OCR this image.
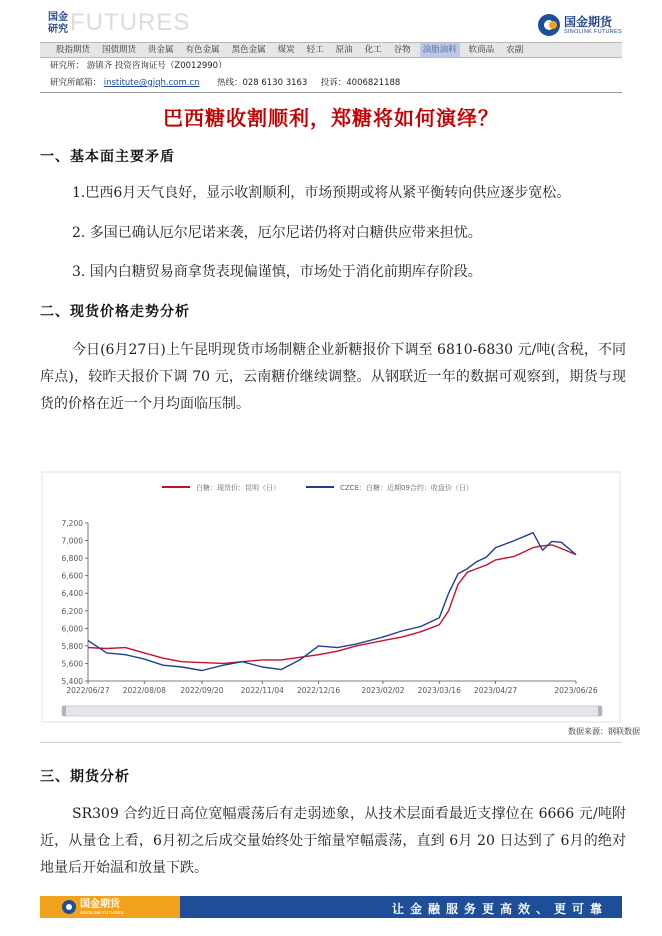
国金
研究 FUTURES	国金期货
SINOLINK FUTURES
股指期货 国债期货 贵金属 有色金属 黑色金属 煤炭 轻工 原油 化工 谷物	油脂油料	软商品 农副
研究所： 游镇齐 投资咨询证号（Z0012990）
研究所邮箱： institute@gjqh.com.cn 热线：028 6130 3163 投诉：4006821188
巴西糖收割顺利，郑糖将如何演绎？
一、基本面主要矛盾
1.巴西6月天气良好，显示收割顺利，市场预期或将从紧平衡转向供应逐步宽松。
2. 多国已确认厄尔尼诺来袭，厄尔尼诺仍将对白糖供应带来担忧。
3. 国内白糖贸易商拿货表现偏谨慎，市场处于消化前期库存阶段。
二、现货价格走势分析
今日(6月27日)上午昆明现货市场制糖企业新糖报价下调至 6810-6830 元/吨(含税，不同库点)，较昨天报价下调 70 元，云南糖价继续调整。从钢联近一年的数据可观察到，期货与现货的价格在近一个月均面临压制。
5,400
5,600
5,800
6,000
6,200
6,400
6,600
6,800
7,000
7,200
2022/06/27 2022/08/08 2022/09/20 2022/11/04 2022/12/16	2023/02/02 2023/03/16 2023/04/27	2023/06/26
白糖：现货价：昆明（日）	CZCE：白糖：近期09合约：收盘价（日）
数据来源：钢联数据
三、期货分析
SR309 合约近日高位宽幅震荡后有走弱迹象，从技术层面看最近支撑位在 6666 元/吨附近，从量仓上看，6月初之后成交量始终处于缩量窄幅震荡，直到 6月 20 日达到了 6月的绝对地量后开始温和放量下跌。
国金期货
SINOLINK FUTURES	让金融服务更高效、更可靠
